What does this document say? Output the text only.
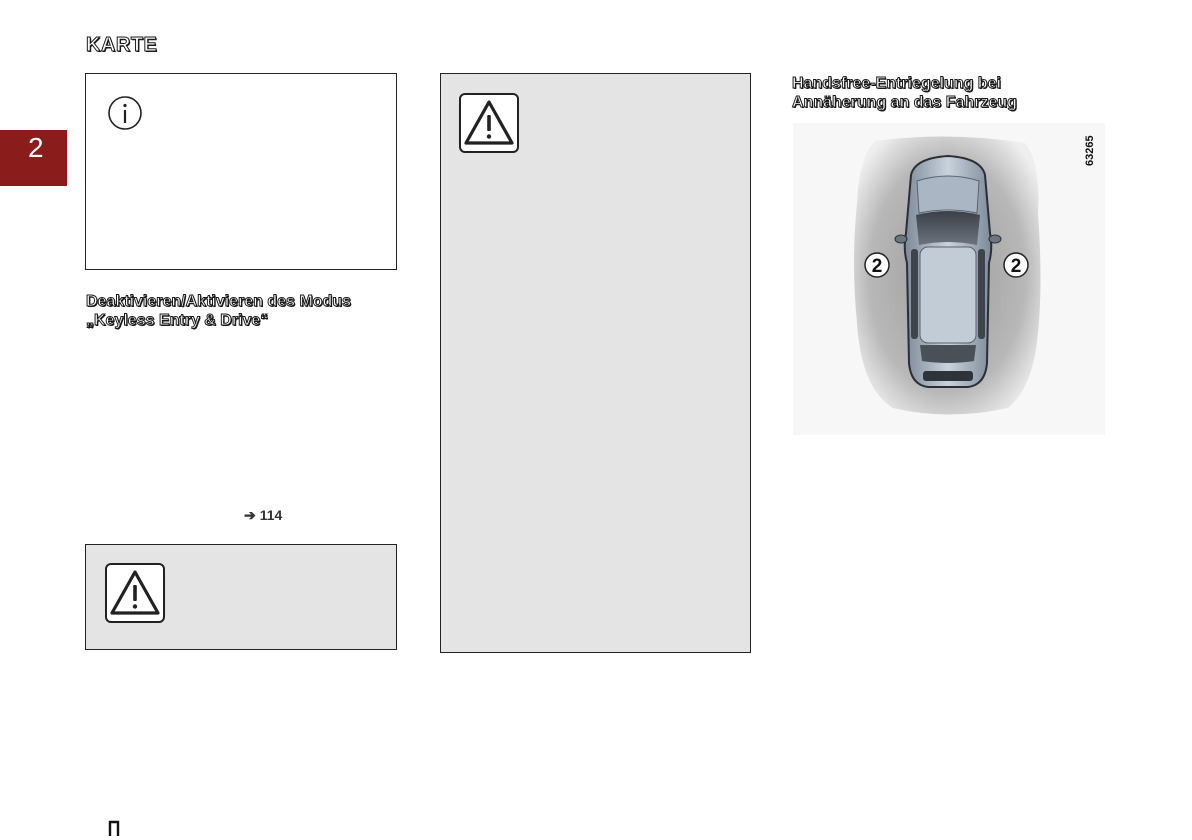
KARTE
2
Deaktivieren/Aktivieren des Modus „Keyless Entry & Drive“
➔ 114
Handsfree-Entriegelung bei Annäherung an das Fahrzeug
2	2
63265
